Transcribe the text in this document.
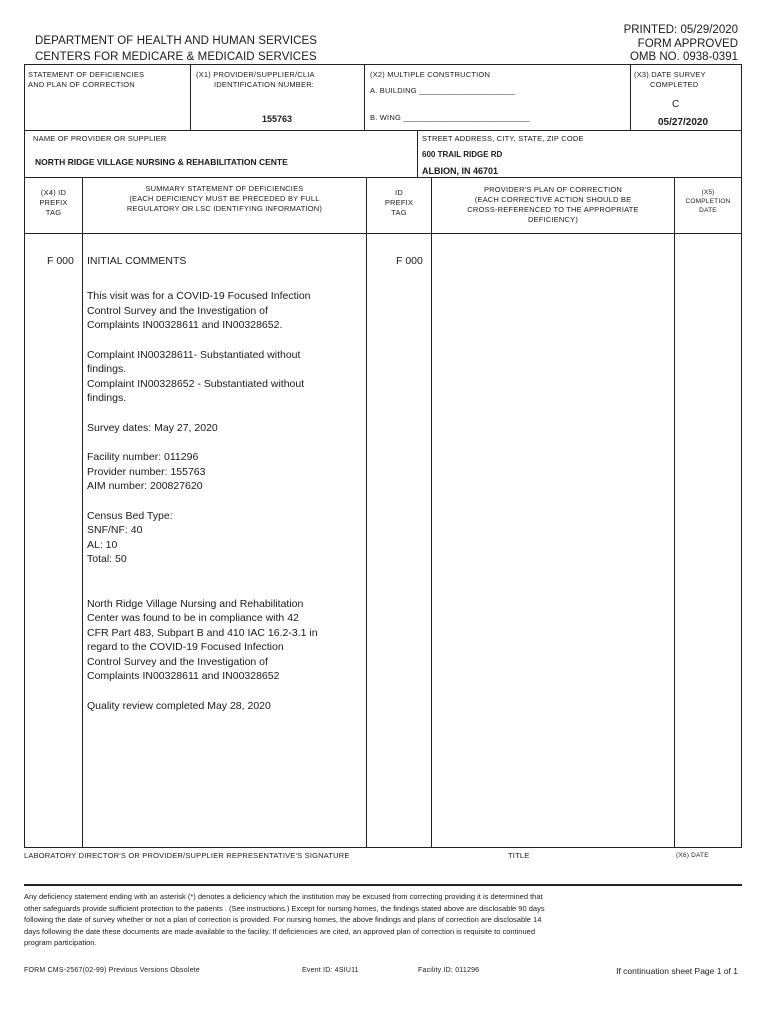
DEPARTMENT OF HEALTH AND HUMAN SERVICES
CENTERS FOR MEDICARE & MEDICAID SERVICES
PRINTED: 05/29/2020
FORM APPROVED
OMB NO. 0938-0391
STATEMENT OF DEFICIENCIES
AND PLAN OF CORRECTION
(X1) PROVIDER/SUPPLIER/CLIA
IDENTIFICATION NUMBER:
155763
(X2) MULTIPLE CONSTRUCTION
A. BUILDING ______________________
B. WING _____________________________
(X3) DATE SURVEY
COMPLETED
C
05/27/2020
NAME OF PROVIDER OR SUPPLIER
NORTH RIDGE VILLAGE NURSING & REHABILITATION CENTE
STREET ADDRESS, CITY, STATE, ZIP CODE
600 TRAIL RIDGE RD
ALBION, IN 46701
(X4) ID
PREFIX
TAG
SUMMARY STATEMENT OF DEFICIENCIES
(EACH DEFICIENCY MUST BE PRECEDED BY FULL
REGULATORY OR LSC IDENTIFYING INFORMATION)
ID
PREFIX
TAG
PROVIDER'S PLAN OF CORRECTION
(EACH CORRECTIVE ACTION SHOULD BE
CROSS-REFERENCED TO THE APPROPRIATE
DEFICIENCY)
(X5)
COMPLETION
DATE
F 000	F 000
INITIAL COMMENTS

This visit was for a COVID-19 Focused Infection
Control Survey and the Investigation of
Complaints IN00328611 and IN00328652.

Complaint IN00328611- Substantiated without
findings.
Complaint IN00328652 - Substantiated without
findings.

Survey dates: May 27, 2020

Facility number: 011296
Provider number: 155763
AIM number: 200827620

Census Bed Type:
SNF/NF: 40
AL: 10
Total: 50

North Ridge Village Nursing and Rehabilitation
Center was found to be in compliance with 42
CFR Part 483, Subpart B and 410 IAC 16.2-3.1 in
regard to the COVID-19 Focused Infection
Control Survey and the Investigation of
Complaints IN00328611 and IN00328652

Quality review completed May 28, 2020

LABORATORY DIRECTOR'S OR PROVIDER/SUPPLIER REPRESENTATIVE'S SIGNATURE	TITLE	(X6) DATE
Any deficiency statement ending with an asterisk (*) denotes a deficiency which the institution may be excused from correcting providing it is determined that
other safeguards provide sufficient protection to the patients . (See instructions.) Except for nursing homes, the findings stated above are disclosable 90 days
following the date of survey whether or not a plan of correction is provided. For nursing homes, the above findings and plans of correction are disclosable 14
days following the date these documents are made available to the facility. If deficiencies are cited, an approved plan of correction is requisite to continued
program participation.
FORM CMS-2567(02-99) Previous Versions Obsolete	Event ID: 4SIU11	Facility ID: 011296	If continuation sheet Page 1 of 1
